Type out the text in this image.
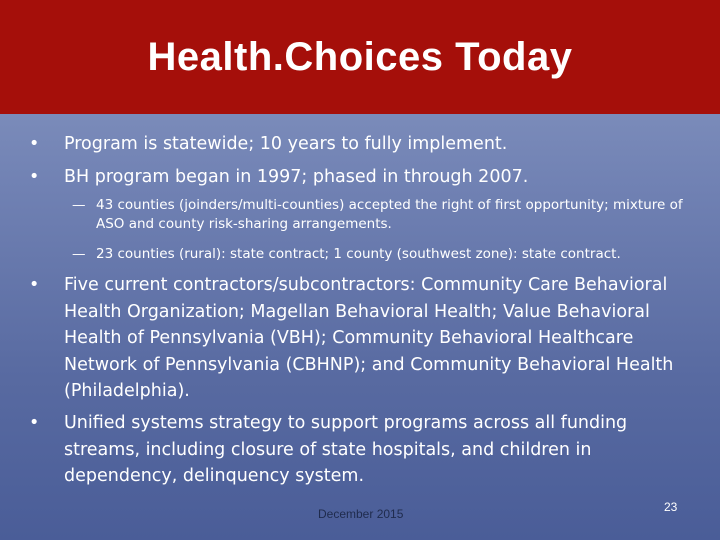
Health.Choices Today
• Program is statewide; 10 years to fully implement.
• BH program began in 1997; phased in through 2007.
— 43 counties (joinders/multi-counties) accepted the right of first opportunity; mixture of ASO and county risk-sharing arrangements.
— 23 counties (rural): state contract; 1 county (southwest zone): state contract.
• Five current contractors/subcontractors: Community Care Behavioral Health Organization; Magellan Behavioral Health; Value Behavioral Health of Pennsylvania (VBH); Community Behavioral Healthcare Network of Pennsylvania (CBHNP); and Community Behavioral Health (Philadelphia).
• Unified systems strategy to support programs across all funding streams, including closure of state hospitals, and children in dependency, delinquency system.
December 2015	23
